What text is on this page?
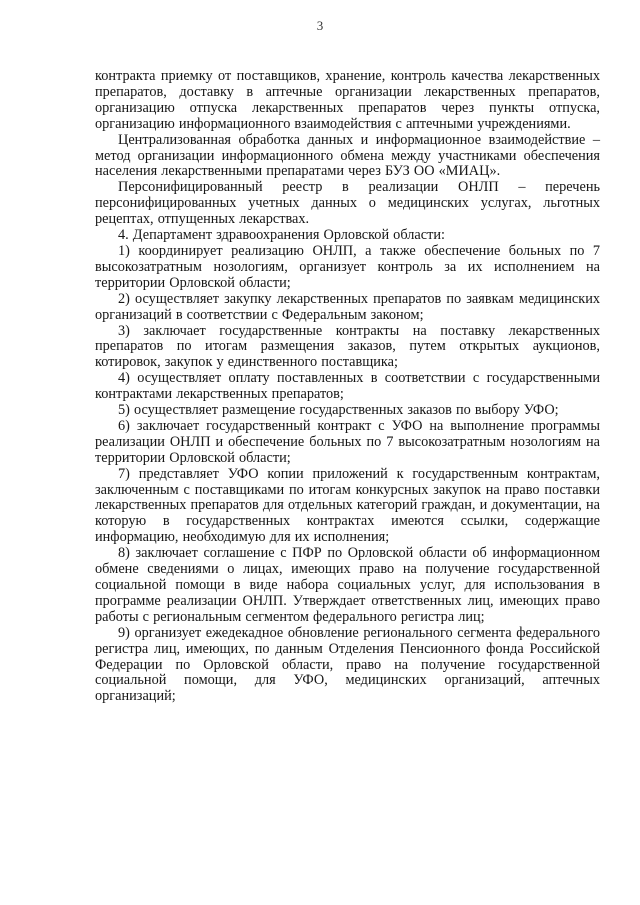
3

контракта приемку от поставщиков, хранение, контроль качества лекарственных препаратов, доставку в аптечные организации лекарственных препаратов, организацию отпуска лекарственных препаратов через пункты отпуска, организацию информационного взаимодействия с аптечными учреждениями.

Централизованная обработка данных и информационное взаимодействие – метод организации информационного обмена между участниками обеспечения населения лекарственными препаратами через БУЗ ОО «МИАЦ».

Персонифицированный реестр в реализации ОНЛП – перечень персонифицированных учетных данных о медицинских услугах, льготных рецептах, отпущенных лекарствах.

4. Департамент здравоохранения Орловской области:

1) координирует реализацию ОНЛП, а также обеспечение больных по 7 высокозатратным нозологиям, организует контроль за их исполнением на территории Орловской области;

2) осуществляет закупку лекарственных препаратов по заявкам медицинских организаций в соответствии с Федеральным законом;

3) заключает государственные контракты на поставку лекарственных препаратов по итогам размещения заказов, путем открытых аукционов, котировок, закупок у единственного поставщика;

4) осуществляет оплату поставленных в соответствии с государственными контрактами лекарственных препаратов;

5) осуществляет размещение государственных заказов по выбору УФО;

6) заключает государственный контракт с УФО на выполнение программы реализации ОНЛП и обеспечение больных по 7 высокозатратным нозологиям на территории Орловской области;

7) представляет УФО копии приложений к государственным контрактам, заключенным с поставщиками по итогам конкурсных закупок на право поставки лекарственных препаратов для отдельных категорий граждан, и документации, на которую в государственных контрактах имеются ссылки, содержащие информацию, необходимую для их исполнения;

8) заключает соглашение с ПФР по Орловской области об информационном обмене сведениями о лицах, имеющих право на получение государственной социальной помощи в виде набора социальных услуг, для использования в программе реализации ОНЛП. Утверждает ответственных лиц, имеющих право работы с региональным сегментом федерального регистра лиц;

9) организует ежедекадное обновление регионального сегмента федерального регистра лиц, имеющих, по данным Отделения Пенсионного фонда Российской Федерации по Орловской области, право на получение государственной социальной помощи, для УФО, медицинских организаций, аптечных организаций;
